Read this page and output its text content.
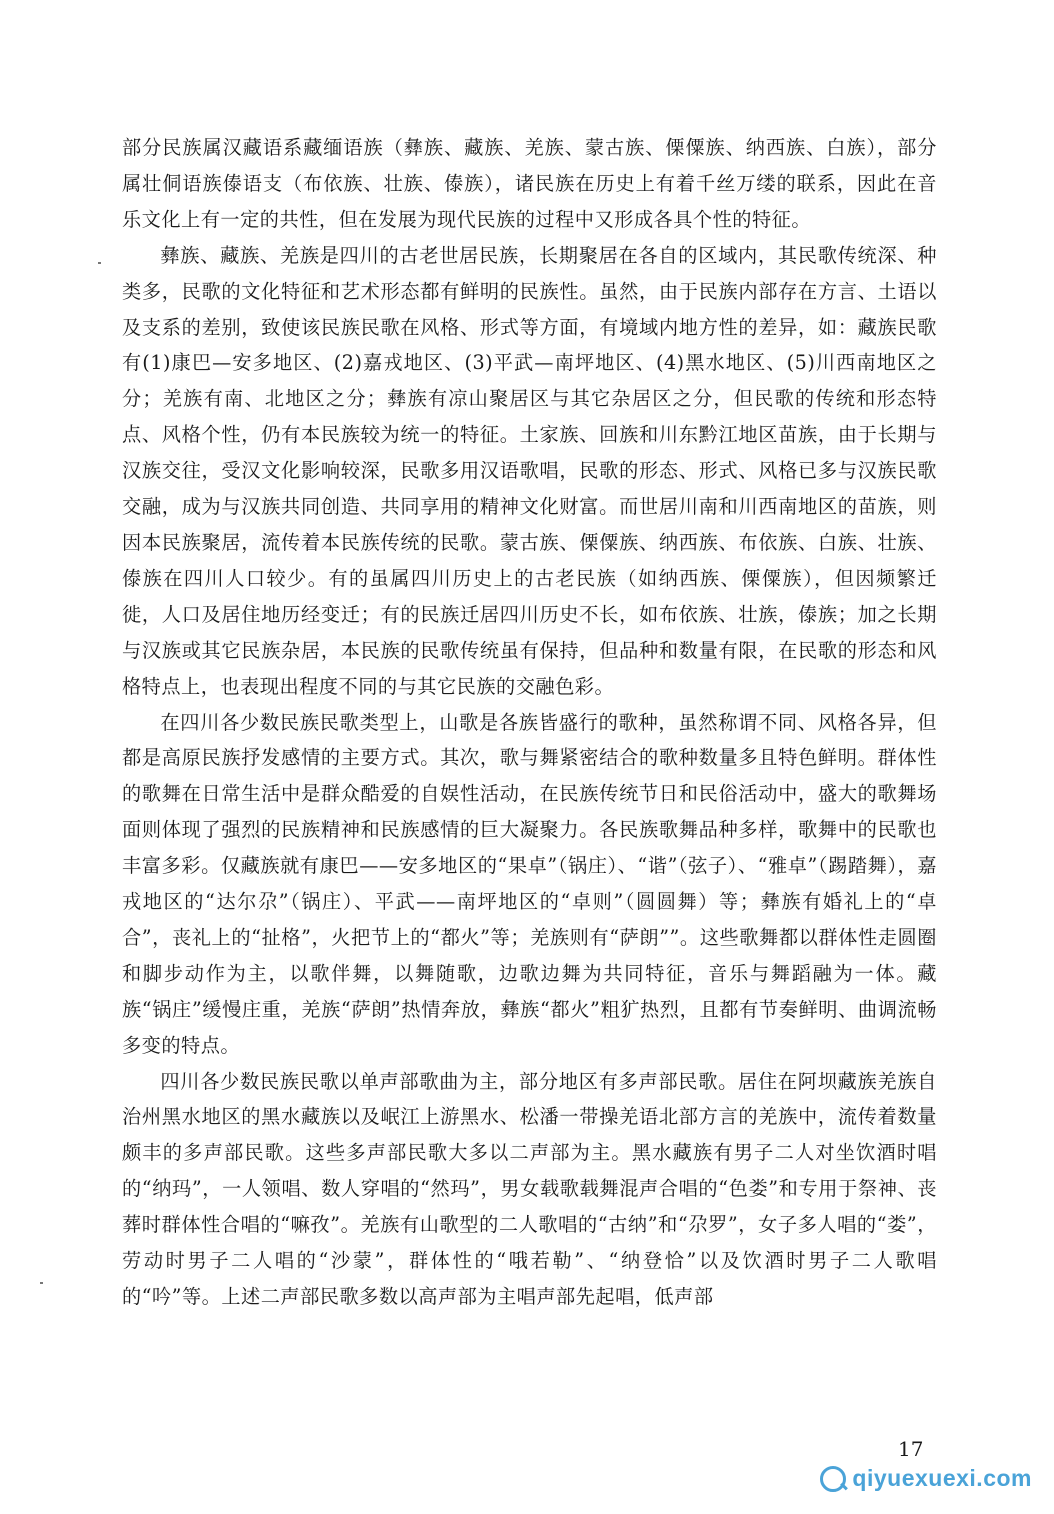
部分民族属汉藏语系藏缅语族（彝族、藏族、羌族、蒙古族、傈僳族、纳西族、白族），部分属壮侗语族傣语支（布依族、壮族、傣族），诸民族在历史上有着千丝万缕的联系，因此在音乐文化上有一定的共性，但在发展为现代民族的过程中又形成各具个性的特征。

彝族、藏族、羌族是四川的古老世居民族，长期聚居在各自的区域内，其民歌传统深、种类多，民歌的文化特征和艺术形态都有鲜明的民族性。虽然，由于民族内部存在方言、土语以及支系的差别，致使该民族民歌在风格、形式等方面，有境域内地方性的差异，如：藏族民歌有(1)康巴—安多地区、(2)嘉戎地区、(3)平武—南坪地区、(4)黑水地区、(5)川西南地区之分；羌族有南、北地区之分；彝族有凉山聚居区与其它杂居区之分，但民歌的传统和形态特点、风格个性，仍有本民族较为统一的特征。土家族、回族和川东黔江地区苗族，由于长期与汉族交往，受汉文化影响较深，民歌多用汉语歌唱，民歌的形态、形式、风格已多与汉族民歌交融，成为与汉族共同创造、共同享用的精神文化财富。而世居川南和川西南地区的苗族，则因本民族聚居，流传着本民族传统的民歌。蒙古族、傈僳族、纳西族、布依族、白族、壮族、傣族在四川人口较少。有的虽属四川历史上的古老民族（如纳西族、傈僳族），但因频繁迁徙，人口及居住地历经变迁；有的民族迁居四川历史不长，如布依族、壮族，傣族；加之长期与汉族或其它民族杂居，本民族的民歌传统虽有保持，但品种和数量有限，在民歌的形态和风格特点上，也表现出程度不同的与其它民族的交融色彩。

在四川各少数民族民歌类型上，山歌是各族皆盛行的歌种，虽然称谓不同、风格各异，但都是高原民族抒发感情的主要方式。其次，歌与舞紧密结合的歌种数量多且特色鲜明。群体性的歌舞在日常生活中是群众酷爱的自娱性活动，在民族传统节日和民俗活动中，盛大的歌舞场面则体现了强烈的民族精神和民族感情的巨大凝聚力。各民族歌舞品种多样，歌舞中的民歌也丰富多彩。仅藏族就有康巴——安多地区的“果卓”（锅庄）、“谐”（弦子）、“雅卓”（踢踏舞），嘉戎地区的“达尔尕”（锅庄）、平武——南坪地区的“卓则”（圆圆舞）等；彝族有婚礼上的“卓合”，丧礼上的“扯格”，火把节上的“都火”等；羌族则有“萨朗””。这些歌舞都以群体性走圆圈和脚步动作为主，以歌伴舞，以舞随歌，边歌边舞为共同特征，音乐与舞蹈融为一体。藏族“锅庄”缓慢庄重，羌族“萨朗”热情奔放，彝族“都火”粗犷热烈，且都有节奏鲜明、曲调流畅多变的特点。

四川各少数民族民歌以单声部歌曲为主，部分地区有多声部民歌。居住在阿坝藏族羌族自治州黑水地区的黑水藏族以及岷江上游黑水、松潘一带操羌语北部方言的羌族中，流传着数量颇丰的多声部民歌。这些多声部民歌大多以二声部为主。黑水藏族有男子二人对坐饮酒时唱的“纳玛”，一人领唱、数人穿唱的“然玛”，男女载歌载舞混声合唱的“色娄”和专用于祭神、丧葬时群体性合唱的“嘛孜”。羌族有山歌型的二人歌唱的“古纳”和“尕罗”，女子多人唱的“娄”，劳动时男子二人唱的“沙蒙”，群体性的“哦若勒”、“纳登恰”以及饮酒时男子二人歌唱的“吟”等。上述二声部民歌多数以高声部为主唱声部先起唱，低声部

17
qiyuexuexi.com
